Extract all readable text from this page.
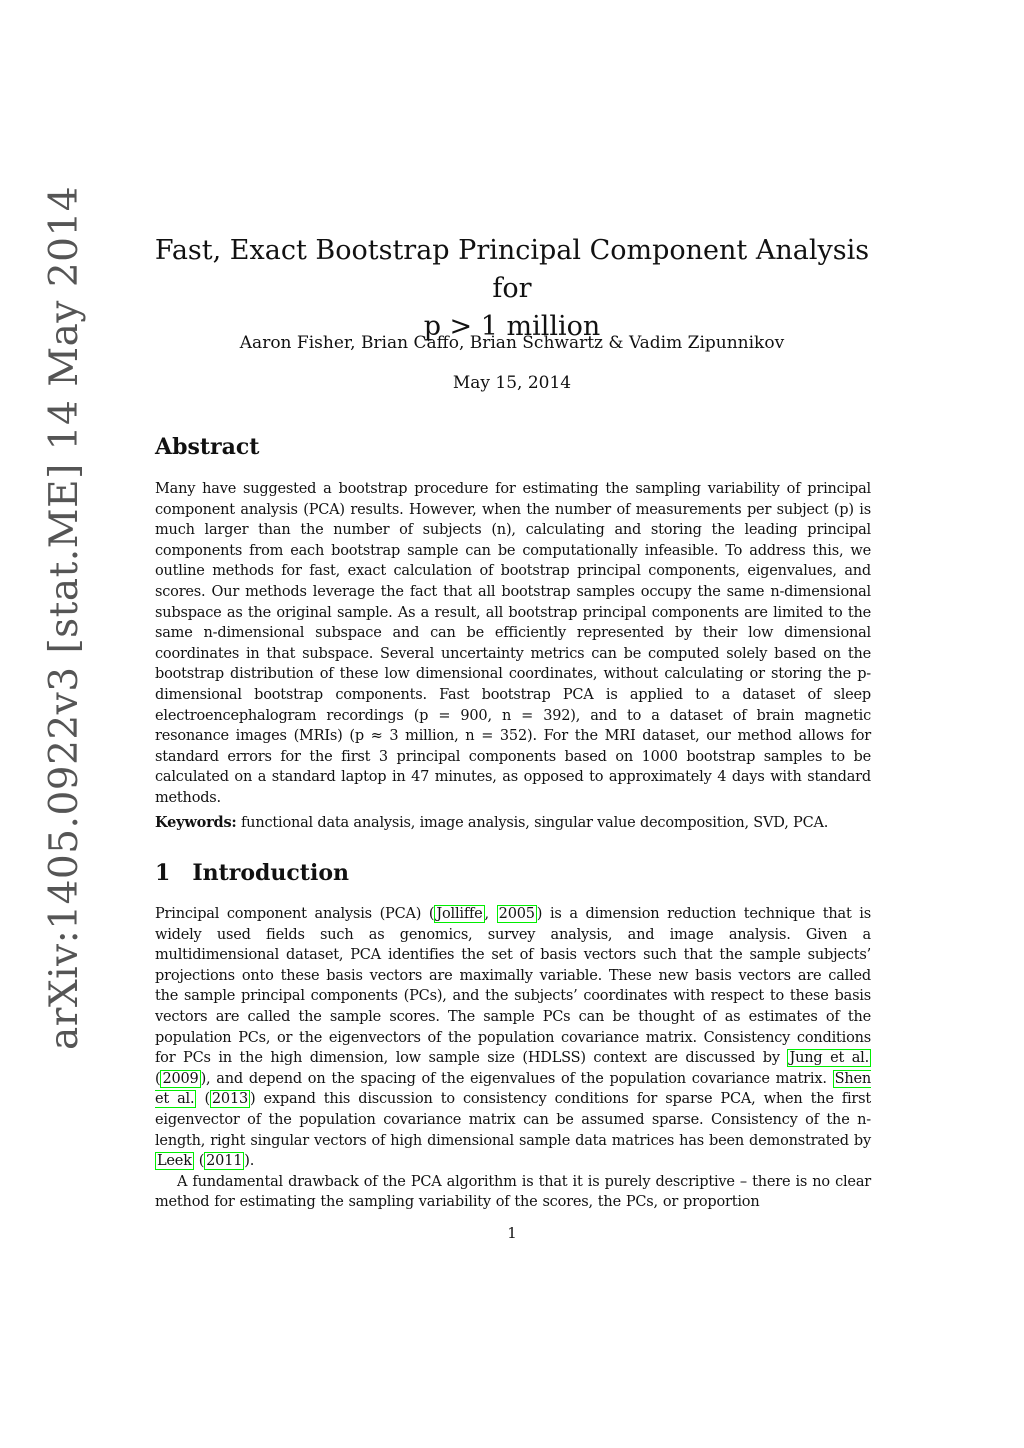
arXiv:1405.0922v3 [stat.ME] 14 May 2014	Fast, Exact Bootstrap Principal Component Analysis for
p > 1 million
Aaron Fisher, Brian Caffo, Brian Schwartz & Vadim Zipunnikov
May 15, 2014
Abstract
Many have suggested a bootstrap procedure for estimating the sampling variability of principal component analysis (PCA) results. However, when the number of measurements per subject (p) is much larger than the number of subjects (n), calculating and storing the leading principal components from each bootstrap sample can be computationally infeasible. To address this, we outline methods for fast, exact calculation of bootstrap principal components, eigenvalues, and scores. Our methods leverage the fact that all bootstrap samples occupy the same n-dimensional subspace as the original sample. As a result, all bootstrap principal components are limited to the same n-dimensional subspace and can be efficiently represented by their low dimensional coordinates in that subspace. Several uncertainty metrics can be computed solely based on the bootstrap distribution of these low dimensional coordinates, without calculating or storing the p-dimensional bootstrap components. Fast bootstrap PCA is applied to a dataset of sleep electroencephalogram recordings (p = 900, n = 392), and to a dataset of brain magnetic resonance images (MRIs) (p ≈ 3 million, n = 352). For the MRI dataset, our method allows for standard errors for the first 3 principal components based on 1000 bootstrap samples to be calculated on a standard laptop in 47 minutes, as opposed to approximately 4 days with standard methods.
Keywords: functional data analysis, image analysis, singular value decomposition, SVD, PCA.
1 Introduction

Principal component analysis (PCA) ( Jolliffe , 2005 ) is a dimension reduction technique that is widely used fields such as genomics, survey analysis, and image analysis. Given a multidimensional dataset, PCA identifies the set of basis vectors such that the sample subjects’ projections onto these basis vectors are maximally variable. These new basis vectors are called the sample principal components (PCs), and the subjects’ coordinates with respect to these basis vectors are called the sample scores. The sample PCs can be thought of as estimates of the population PCs, or the eigenvectors of the population covariance matrix. Consistency conditions for PCs in the high dimension, low sample size (HDLSS) context are discussed by Jung et al. ( 2009 ), and depend on the spacing of the eigenvalues of the population covariance matrix. Shen et al. ( 2013 ) expand this discussion to consistency conditions for sparse PCA, when the first eigenvector of the population covariance matrix can be assumed sparse. Consistency of the n-length, right singular vectors of high dimensional sample data matrices has been demonstrated by Leek ( 2011 ).

A fundamental drawback of the PCA algorithm is that it is purely descriptive – there is no clear method for estimating the sampling variability of the scores, the PCs, or proportion

1
